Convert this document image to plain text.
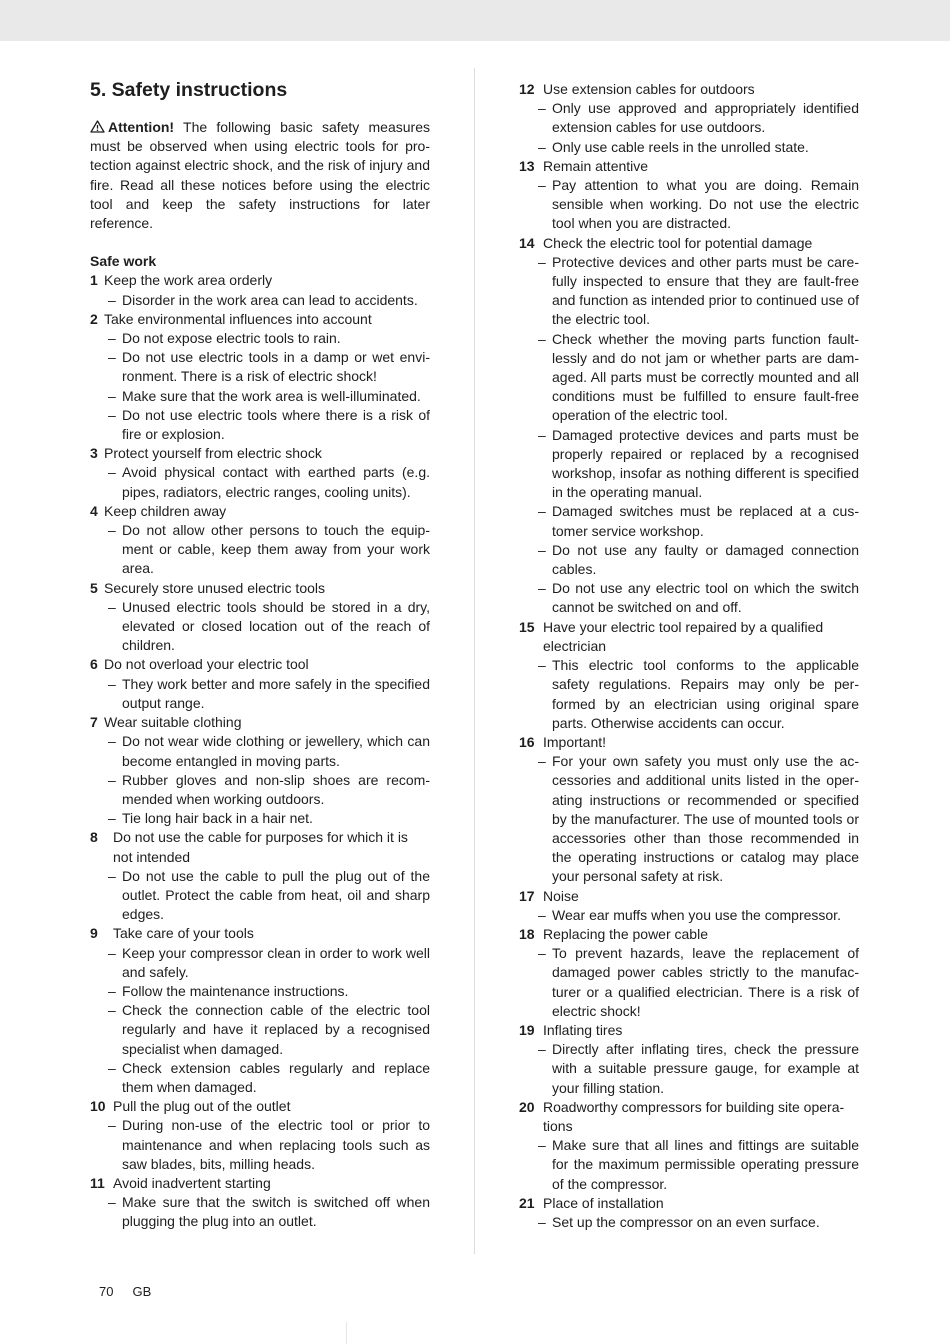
5. Safety instructions

Attention! The following basic safety measures must be observed when using electric tools for protection against electric shock, and the risk of injury and fire. Read all these notices before using the electric tool and keep the safety instructions for later reference.

Safe work
1 Keep the work area orderly
– Disorder in the work area can lead to accidents.
2 Take environmental influences into account
– Do not expose electric tools to rain.
– Do not use electric tools in a damp or wet environment. There is a risk of electric shock!
– Make sure that the work area is well-illuminated.
– Do not use electric tools where there is a risk of fire or explosion.
3 Protect yourself from electric shock
– Avoid physical contact with earthed parts (e.g. pipes, radiators, electric ranges, cooling units).
4 Keep children away
– Do not allow other persons to touch the equipment or cable, keep them away from your work area.
5 Securely store unused electric tools
– Unused electric tools should be stored in a dry, elevated or closed location out of the reach of children.
6 Do not overload your electric tool
– They work better and more safely in the specified output range.
7 Wear suitable clothing
– Do not wear wide clothing or jewellery, which can become entangled in moving parts.
– Rubber gloves and non-slip shoes are recommended when working outdoors.
– Tie long hair back in a hair net.
8	Do not use the cable for purposes for which it is not intended
– Do not use the cable to pull the plug out of the outlet. Protect the cable from heat, oil and sharp edges.
9	Take care of your tools
– Keep your compressor clean in order to work well and safely.
– Follow the maintenance instructions.
– Check the connection cable of the electric tool regularly and have it replaced by a recognised specialist when damaged.
– Check extension cables regularly and replace them when damaged.
10 Pull the plug out of the outlet
– During non-use of the electric tool or prior to maintenance and when replacing tools such as saw blades, bits, milling heads.
11 Avoid inadvertent starting
– Make sure that the switch is switched off when plugging the plug into an outlet.
12 Use extension cables for outdoors
– Only use approved and appropriately identified extension cables for use outdoors.
– Only use cable reels in the unrolled state.
13 Remain attentive
– Pay attention to what you are doing. Remain sensible when working. Do not use the electric tool when you are distracted.
14 Check the electric tool for potential damage
– Protective devices and other parts must be carefully inspected to ensure that they are fault-free and function as intended prior to continued use of the electric tool.
– Check whether the moving parts function faultlessly and do not jam or whether parts are damaged. All parts must be correctly mounted and all conditions must be fulfilled to ensure fault-free operation of the electric tool.
– Damaged protective devices and parts must be properly repaired or replaced by a recognised workshop, insofar as nothing different is specified in the operating manual.
– Damaged switches must be replaced at a customer service workshop.
– Do not use any faulty or damaged connection cables.
– Do not use any electric tool on which the switch cannot be switched on and off.
15 Have your electric tool repaired by a qualified electrician
– This electric tool conforms to the applicable safety regulations. Repairs may only be performed by an electrician using original spare parts. Otherwise accidents can occur.
16 Important!
– For your own safety you must only use the accessories and additional units listed in the operating instructions or recommended or specified by the manufacturer. The use of mounted tools or accessories other than those recommended in the operating instructions or catalog may place your personal safety at risk.
17 Noise
– Wear ear muffs when you use the compressor.
18 Replacing the power cable
– To prevent hazards, leave the replacement of damaged power cables strictly to the manufacturer or a qualified electrician. There is a risk of electric shock!
19 Inflating tires
– Directly after inflating tires, check the pressure with a suitable pressure gauge, for example at your filling station.
20 Roadworthy compressors for building site operations
– Make sure that all lines and fittings are suitable for the maximum permissible operating pressure of the compressor.
21 Place of installation
– Set up the compressor on an even surface.
70 GB
